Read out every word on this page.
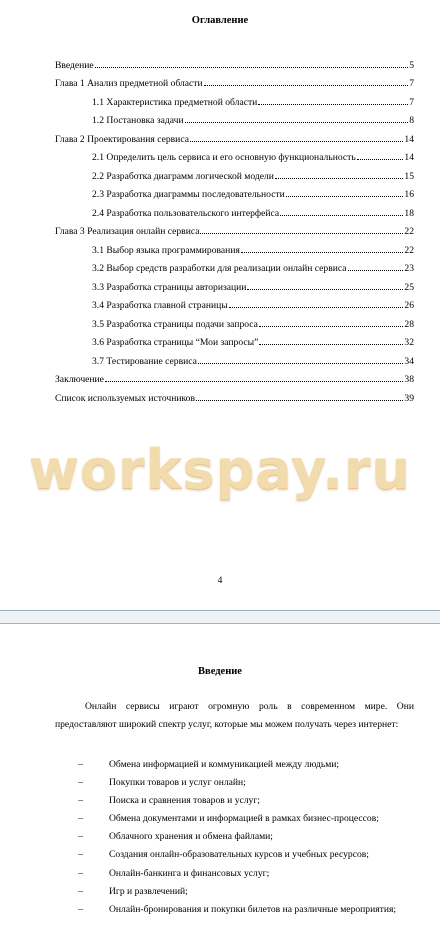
Оглавление
Введение	5
Глава 1 Анализ предметной области	7
1.1 Характеристика предметной области	7
1.2 Постановка задачи	8
Глава 2 Проектирования сервиса	14
2.1 Определить цель сервиса и его основную функциональность	14
2.2 Разработка диаграмм логической модели	15
2.3 Разработка диаграммы последовательности	16
2.4 Разработка пользовательского интерфейса	18
Глава 3 Реализация онлайн сервиса	22
3.1 Выбор языка программирования	22
3.2 Выбор средств разработки для реализации онлайн сервиса	23
3.3 Разработка страницы авторизации	25
3.4 Разработка главной страницы	26
3.5 Разработка страницы подачи запроса	28
3.6 Разработка страницы “Мои запросы”	32
3.7 Тестирование сервиса	34
Заключение	38
Список используемых источников	39
workspay.ru
4
Введение
Онлайн сервисы играют огромную роль в современном мире. Они предоставляют широкий спектр услуг, которые мы можем получать через интернет:
–	Обмена информацией и коммуникацией между людьми;
–	Покупки товаров и услуг онлайн;
–	Поиска и сравнения товаров и услуг;
–	Обмена документами и информацией в рамках бизнес-процессов;
–	Облачного хранения и обмена файлами;
–	Создания онлайн-образовательных курсов и учебных ресурсов;
–	Онлайн-банкинга и финансовых услуг;
–	Игр и развлечений;
–	Онлайн-бронирования и покупки билетов на различные мероприятия;
